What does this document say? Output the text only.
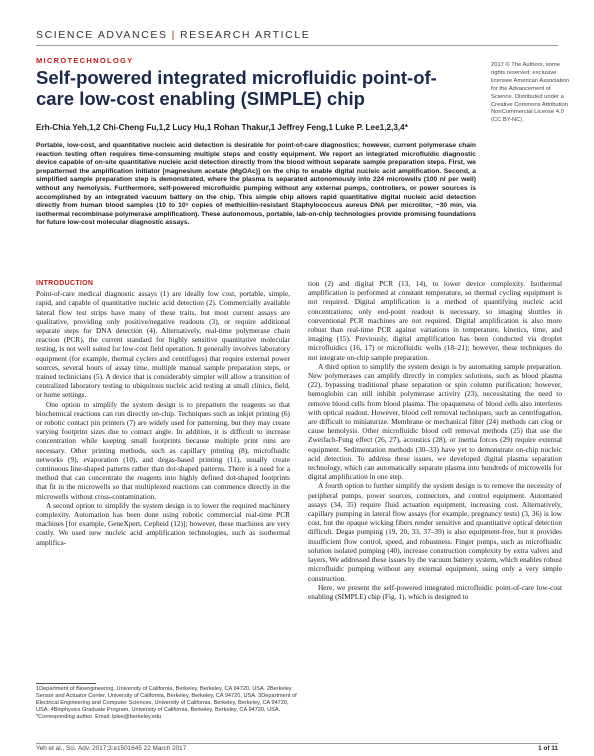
SCIENCE ADVANCES | RESEARCH ARTICLE
MICROTECHNOLOGY
Self-powered integrated microfluidic point-of-care low-cost enabling (SIMPLE) chip
Erh-Chia Yeh,1,2 Chi-Cheng Fu,1,2 Lucy Hu,1 Rohan Thakur,1 Jeffrey Feng,1 Luke P. Lee1,2,3,4*

Portable, low-cost, and quantitative nucleic acid detection is desirable for point-of-care diagnostics; however, current polymerase chain reaction testing often requires time-consuming multiple steps and costly equipment. We report an integrated microfluidic diagnostic device capable of on-site quantitative nucleic acid detection directly from the blood without separate sample preparation steps. First, we prepatterned the amplification initiator [magnesium acetate (MgOAc)] on the chip to enable digital nucleic acid amplification. Second, a simplified sample preparation step is demonstrated, where the plasma is separated autonomously into 224 microwells (100 nl per well) without any hemolysis. Furthermore, self-powered microfluidic pumping without any external pumps, controllers, or power sources is accomplished by an integrated vacuum battery on the chip. This simple chip allows rapid quantitative digital nucleic acid detection directly from human blood samples (10 to 10⁵ copies of methicillin-resistant Staphylococcus aureus DNA per microliter, ~30 min, via isothermal recombinase polymerase amplification). These autonomous, portable, lab-on-chip technologies provide promising foundations for future low-cost molecular diagnostic assays.

2017 © The Authors, some rights reserved; exclusive licensee American Association for the Advancement of Science. Distributed under a Creative Commons Attribution NonCommercial License 4.0 (CC BY-NC).

INTRODUCTION

Point-of-care medical diagnostic assays (1) are ideally low cost, portable, simple, rapid, and capable of quantitative nucleic acid detection (2). Commercially available lateral flow test strips have many of these traits, but most current assays are qualitative, providing only positive/negative readouts (3), or require additional separate steps for DNA detection (4). Alternatively, real-time polymerase chain reaction (PCR), the current standard for highly sensitive quantitative molecular testing, is not well suited for low-cost field operation. It generally involves laboratory equipment (for example, thermal cyclers and centrifuges) that require external power sources, several hours of assay time, multiple manual sample preparation steps, or trained technicians (5). A device that is considerably simpler will allow a transition of centralized laboratory testing to ubiquitous nucleic acid testing at small clinics, field, or home settings.

One option to simplify the system design is to prepattern the reagents so that biochemical reactions can run directly on-chip. Techniques such as inkjet printing (6) or robotic contact pin printers (7) are widely used for patterning, but they may create varying footprint sizes due to contact angle. In addition, it is difficult to increase concentration while keeping small footprints because multiple print runs are necessary. Other printing methods, such as capillary printing (8), microfluidic networks (9), evaporation (10), and degas-based printing (11), usually create continuous line-shaped patterns rather than dot-shaped patterns. There is a need for a method that can concentrate the reagents into highly defined dot-shaped footprints that fit in the microwells so that multiplexed reactions can commence directly in the microwells without cross-contamination.

A second option to simplify the system design is to lower the required machinery complexity. Automation has been done using robotic commercial real-time PCR machines [for example, GeneXpert, Cepheid (12)]; however, these machines are very costly. We used new nucleic acid amplification technologies, such as isothermal amplifica-

1Department of Bioengineering, University of California, Berkeley, Berkeley, CA 94720, USA. 2Berkeley Sensor and Actuator Center, University of California, Berkeley, Berkeley, CA 94720, USA. 3Department of Electrical Engineering and Computer Sciences, University of California, Berkeley, Berkeley, CA 94720, USA. 4Biophysics Graduate Program, University of California, Berkeley, Berkeley, CA 94720, USA. *Corresponding author. Email: lplee@berkeley.edu

tion (2) and digital PCR (13, 14), to lower device complexity. Isothermal amplification is performed at constant temperature, so thermal cycling equipment is not required. Digital amplification is a method of quantifying nucleic acid concentrations; only end-point readout is necessary, so imaging shuttles in conventional PCR machines are not required. Digital amplification is also more robust than real-time PCR against variations in temperature, kinetics, time, and imaging (15). Previously, digital amplification has been conducted via droplet microfluidics (16, 17) or microfluidic wells (18–21); however, these techniques do not integrate on-chip sample preparation.

A third option to simplify the system design is by automating sample preparation. New polymerases can amplify directly in complex solutions, such as blood plasma (22), bypassing traditional phase separation or spin column purification; however, hemoglobin can still inhibit polymerase activity (23), necessitating the need to remove blood cells from blood plasma. The opaqueness of blood cells also interferes with optical readout. However, blood cell removal techniques, such as centrifugation, are difficult to miniaturize. Membrane or mechanical filter (24) methods can clog or cause hemolysis. Other microfluidic blood cell removal methods (25) that use the Zweifach-Fung effect (26, 27), acoustics (28), or inertia forces (29) require external equipment. Sedimentation methods (30–33) have yet to demonstrate on-chip nucleic acid detection. To address these issues, we developed digital plasma separation technology, which can automatically separate plasma into hundreds of microwells for digital amplification in one step.

A fourth option to further simplify the system design is to remove the necessity of peripheral pumps, power sources, connectors, and control equipment. Automated assays (34, 35) require fluid actuation equipment, increasing cost. Alternatively, capillary pumping in lateral flow assays (for example, pregnancy tests) (3, 36) is low cost, but the opaque wicking fibers render sensitive and quantitative optical detection difficult. Degas pumping (19, 20, 33, 37–39) is also equipment-free, but it provides insufficient flow control, speed, and robustness. Finger pumps, such as microfluidic solution isolated pumping (40), increase construction complexity by extra valves and layers. We addressed these issues by the vacuum battery system, which enables robust microfluidic pumping without any external equipment, using only a very simple construction.

Here, we present the self-powered integrated microfluidic point-of-care low-cost enabling (SIMPLE) chip (Fig. 1), which is designed to

Yeh et al., Sci. Adv. 2017;3:e1501645 22 March 2017	1 of 11
